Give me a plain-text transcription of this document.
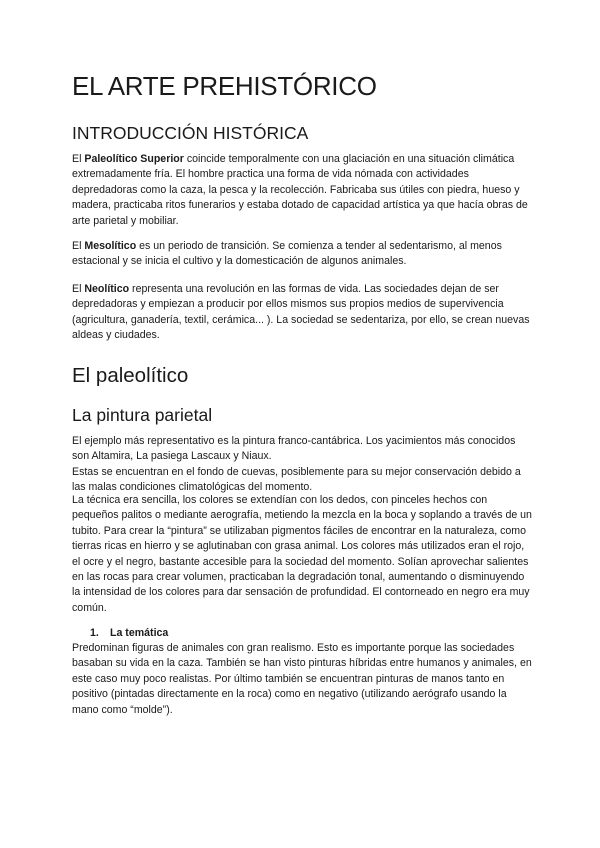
EL ARTE PREHISTÓRICO
INTRODUCCIÓN HISTÓRICA

El Paleolítico Superior coincide temporalmente con una glaciación en una situación climática extremadamente fría. El hombre practica una forma de vida nómada con actividades depredadoras como la caza, la pesca y la recolección. Fabricaba sus útiles con piedra, hueso y madera, practicaba ritos funerarios y estaba dotado de capacidad artística ya que hacía obras de arte parietal y mobiliar.

El Mesolítico es un periodo de transición. Se comienza a tender al sedentarismo, al menos estacional y se inicia el cultivo y la domesticación de algunos animales.

El Neolítico representa una revolución en las formas de vida. Las sociedades dejan de ser depredadoras y empiezan a producir por ellos mismos sus propios medios de supervivencia (agricultura, ganadería, textil, cerámica... ). La sociedad se sedentariza, por ello, se crean nuevas aldeas y ciudades.

El paleolítico
La pintura parietal

El ejemplo más representativo es la pintura franco-cantábrica. Los yacimientos más conocidos son Altamira, La pasiega Lascaux y Niaux.

Estas se encuentran en el fondo de cuevas, posiblemente para su mejor conservación debido a las malas condiciones climatológicas del momento.

La técnica era sencilla, los colores se extendían con los dedos, con pinceles hechos con pequeños palitos o mediante aerografía, metiendo la mezcla en la boca y soplando a través de un tubito. Para crear la “pintura” se utilizaban pigmentos fáciles de encontrar en la naturaleza, como tierras ricas en hierro y se aglutinaban con grasa animal. Los colores más utilizados eran el rojo, el ocre y el negro, bastante accesible para la sociedad del momento. Solían aprovechar salientes en las rocas para crear volumen, practicaban la degradación tonal, aumentando o disminuyendo la intensidad de los colores para dar sensación de profundidad. El contorneado en negro era muy común.

1. La temática

Predominan figuras de animales con gran realismo. Esto es importante porque las sociedades basaban su vida en la caza. También se han visto pinturas híbridas entre humanos y animales, en este caso muy poco realistas. Por último también se encuentran pinturas de manos tanto en positivo (pintadas directamente en la roca) como en negativo (utilizando aerógrafo usando la mano como “molde”).
